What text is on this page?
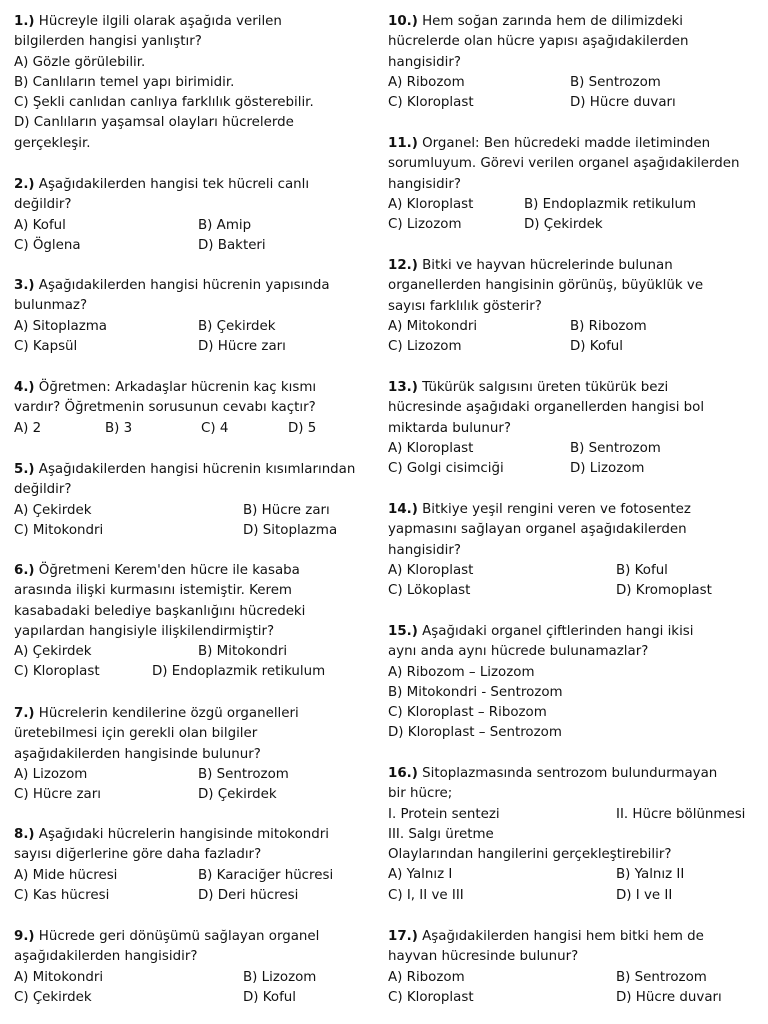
1.) Hücreyle ilgili olarak aşağıda verilen
bilgilerden hangisi yanlıştır?
A) Gözle görülebilir.
B) Canlıların temel yapı birimidir.
C) Şekli canlıdan canlıya farklılık gösterebilir.
D) Canlıların yaşamsal olayları hücrelerde
gerçekleşir.
2.) Aşağıdakilerden hangisi tek hücreli canlı
değildir?
A) Koful	B) Amip
C) Öglena	D) Bakteri
3.) Aşağıdakilerden hangisi hücrenin yapısında
bulunmaz?
A) Sitoplazma	B) Çekirdek
C) Kapsül	D) Hücre zarı
4.) Öğretmen: Arkadaşlar hücrenin kaç kısmı
vardır? Öğretmenin sorusunun cevabı kaçtır?
A) 2	B) 3	C) 4	D) 5
5.) Aşağıdakilerden hangisi hücrenin kısımlarından
değildir?
A) Çekirdek	B) Hücre zarı
C) Mitokondri	D) Sitoplazma
6.) Öğretmeni Kerem'den hücre ile kasaba
arasında ilişki kurmasını istemiştir. Kerem
kasabadaki belediye başkanlığını hücredeki
yapılardan hangisiyle ilişkilendirmiştir?
A) Çekirdek	B) Mitokondri
C) Kloroplast	D) Endoplazmik retikulum
7.) Hücrelerin kendilerine özgü organelleri
üretebilmesi için gerekli olan bilgiler
aşağıdakilerden hangisinde bulunur?
A) Lizozom	B) Sentrozom
C) Hücre zarı	D) Çekirdek
8.) Aşağıdaki hücrelerin hangisinde mitokondri
sayısı diğerlerine göre daha fazladır?
A) Mide hücresi	B) Karaciğer hücresi
C) Kas hücresi	D) Deri hücresi
9.) Hücrede geri dönüşümü sağlayan organel
aşağıdakilerden hangisidir?
A) Mitokondri	B) Lizozom
C) Çekirdek	D) Koful
10.) Hem soğan zarında hem de dilimizdeki
hücrelerde olan hücre yapısı aşağıdakilerden
hangisidir?
A) Ribozom	B) Sentrozom
C) Kloroplast	D) Hücre duvarı
11.) Organel: Ben hücredeki madde iletiminden
sorumluyum. Görevi verilen organel aşağıdakilerden
hangisidir?
A) Kloroplast	B) Endoplazmik retikulum
C) Lizozom	D) Çekirdek
12.) Bitki ve hayvan hücrelerinde bulunan
organellerden hangisinin görünüş, büyüklük ve
sayısı farklılık gösterir?
A) Mitokondri	B) Ribozom
C) Lizozom	D) Koful
13.) Tükürük salgısını üreten tükürük bezi
hücresinde aşağıdaki organellerden hangisi bol
miktarda bulunur?
A) Kloroplast	B) Sentrozom
C) Golgi cisimciği	D) Lizozom
14.) Bitkiye yeşil rengini veren ve fotosentez
yapmasını sağlayan organel aşağıdakilerden
hangisidir?
A) Kloroplast	B) Koful
C) Lökoplast	D) Kromoplast
15.) Aşağıdaki organel çiftlerinden hangi ikisi
aynı anda aynı hücrede bulunamazlar?
A) Ribozom – Lizozom
B) Mitokondri - Sentrozom
C) Kloroplast – Ribozom
D) Kloroplast – Sentrozom
16.) Sitoplazmasında sentrozom bulundurmayan
bir hücre;
I. Protein sentezi	II. Hücre bölünmesi
III. Salgı üretme
Olaylarından hangilerini gerçekleştirebilir?
A) Yalnız I	B) Yalnız II
C) I, II ve III	D) I ve II
17.) Aşağıdakilerden hangisi hem bitki hem de
hayvan hücresinde bulunur?
A) Ribozom	B) Sentrozom
C) Kloroplast	D) Hücre duvarı
